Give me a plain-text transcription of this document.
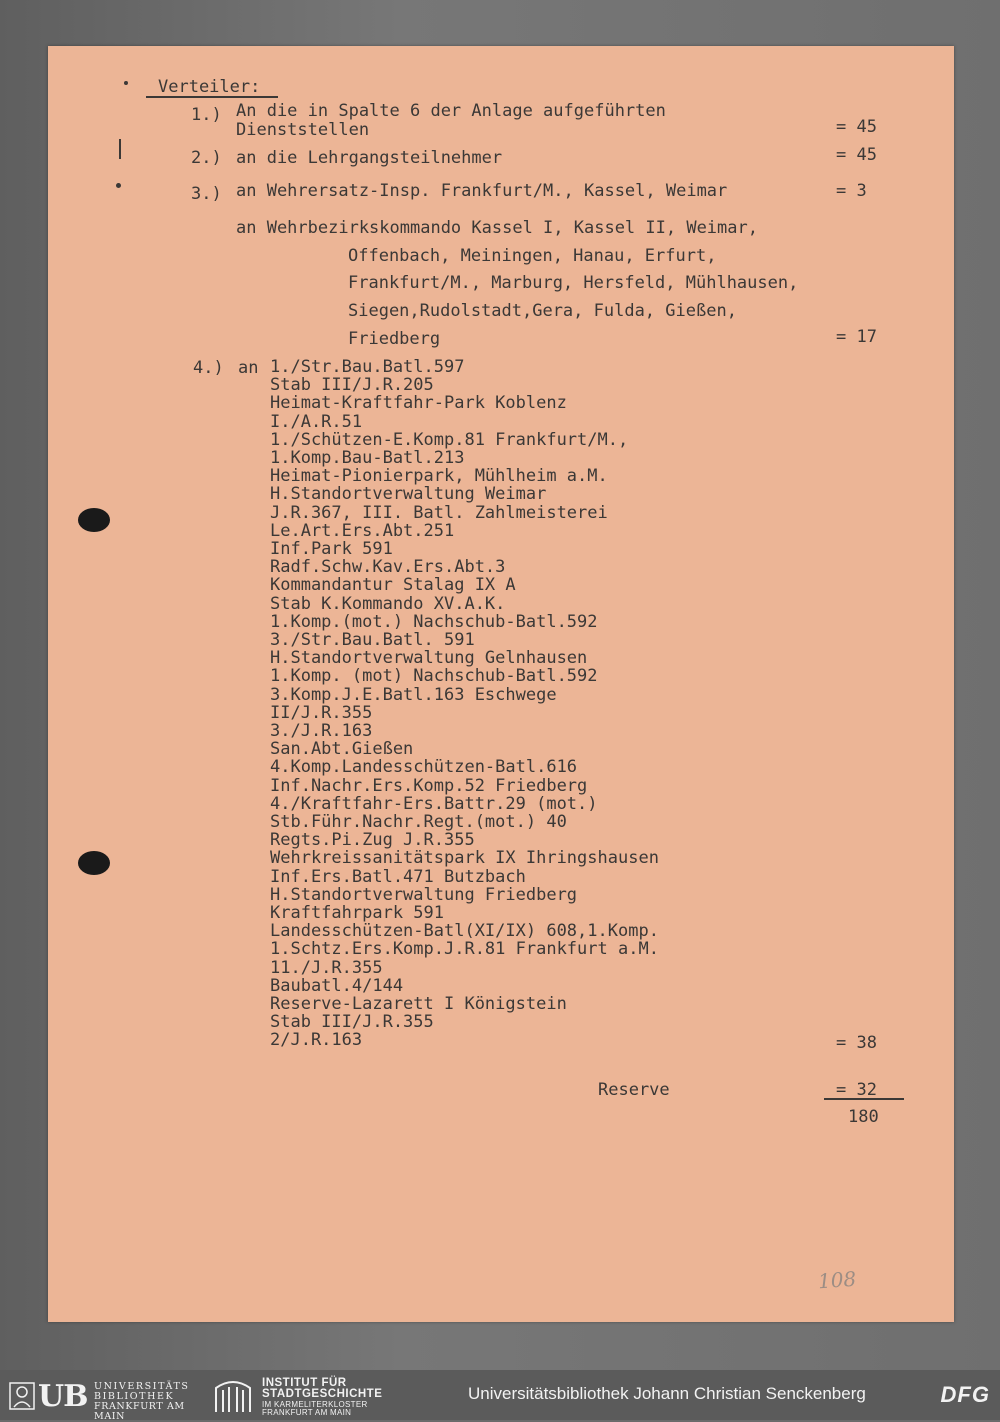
Verteiler:
1.) An die in Spalte 6 der Anlage aufgeführten
Dienststellen	= 45
2.) an die Lehrgangsteilnehmer	= 45
3.) an Wehrersatz-Insp. Frankfurt/M., Kassel, Weimar	= 3
an Wehrbezirkskommando Kassel I, Kassel II, Weimar,
Offenbach, Meiningen, Hanau, Erfurt,
Frankfurt/M., Marburg, Hersfeld, Mühlhausen,
Siegen,Rudolstadt,Gera, Fulda, Gießen,
Friedberg	= 17
4.) an 1./Str.Bau.Batl.597
Stab III/J.R.205
Heimat-Kraftfahr-Park Koblenz
I./A.R.51
1./Schützen-E.Komp.81 Frankfurt/M.,
1.Komp.Bau-Batl.213
Heimat-Pionierpark, Mühlheim a.M.
H.Standortverwaltung Weimar
J.R.367, III. Batl. Zahlmeisterei
Le.Art.Ers.Abt.251
Inf.Park 591
Radf.Schw.Kav.Ers.Abt.3
Kommandantur Stalag IX A
Stab K.Kommando XV.A.K.
1.Komp.(mot.) Nachschub-Batl.592
3./Str.Bau.Batl. 591
H.Standortverwaltung Gelnhausen
1.Komp. (mot) Nachschub-Batl.592
3.Komp.J.E.Batl.163 Eschwege
II/J.R.355
3./J.R.163
San.Abt.Gießen
4.Komp.Landesschützen-Batl.616
Inf.Nachr.Ers.Komp.52 Friedberg
4./Kraftfahr-Ers.Battr.29 (mot.)
Stb.Führ.Nachr.Regt.(mot.) 40
Regts.Pi.Zug J.R.355
Wehrkreissanitätspark IX Ihringshausen
Inf.Ers.Batl.471 Butzbach
H.Standortverwaltung Friedberg
Kraftfahrpark 591
Landesschützen-Batl(XI/IX) 608,1.Komp.
1.Schtz.Ers.Komp.J.R.81 Frankfurt a.M.
11./J.R.355
Baubatl.4/144
Reserve-Lazarett I Königstein
Stab III/J.R.355
2/J.R.163	= 38
Reserve	= 32
180
108
UB UNIVERSITÄTS
BIBLIOTHEK
FRANKFURT AM MAIN
INSTITUT FÜR
STADTGESCHICHTE
IM KARMELITERKLOSTER
FRANKFURT AM MAIN
Universitätsbibliothek Johann Christian Senckenberg	DFG
